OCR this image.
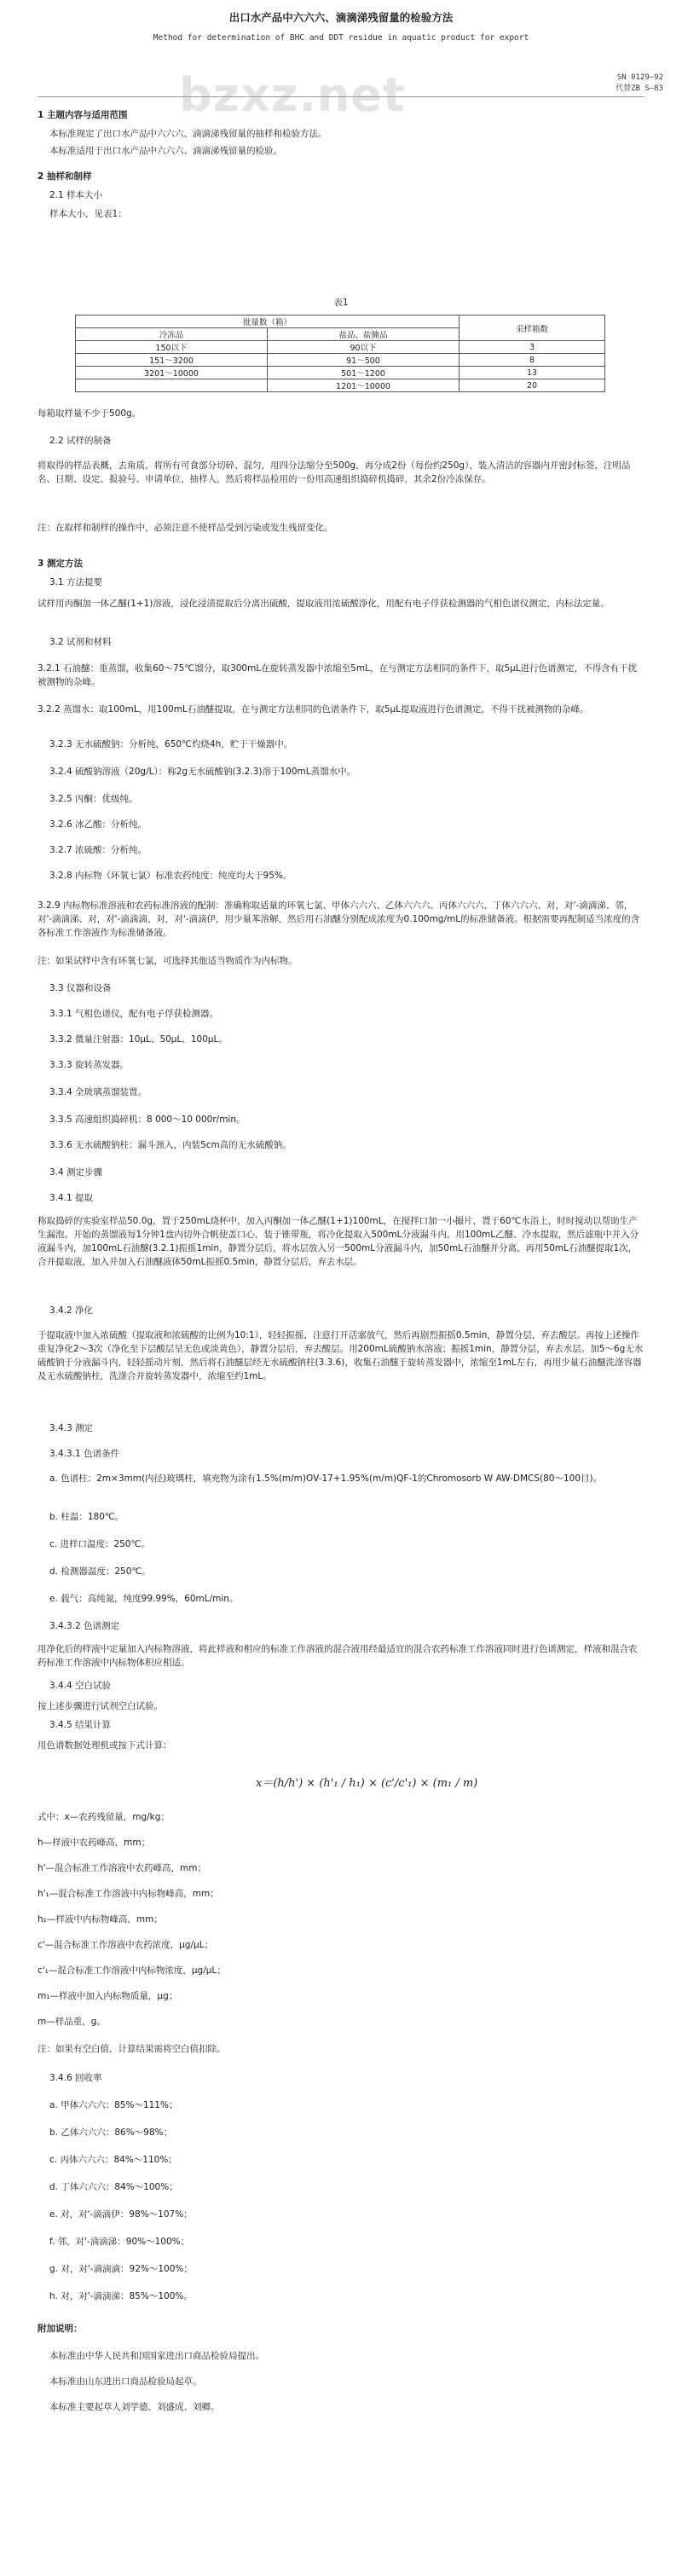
bzxz.net
出口水产品中六六六、滴滴涕残留量的检验方法
Method for determination of BHC and DDT residue in aquatic product for export
SN 0129—92
代替ZB S—83
1 主题内容与适用范围
本标准规定了出口水产品中六六六、滴滴涕残留量的抽样和检验方法。
本标准适用于出口水产品中六六六、滴滴涕残留量的检验。
2 抽样和制样
2.1 样本大小
样本大小，见表1：
表1
批量数（箱）		采样箱数
冷冻品	盐品、盐腌品	
150以下	90以下	3
151～3200	91～500	8
3201～10000	501～1200	13
	1201～10000	20
每箱取样量不少于500g。
2.2 试样的制备
将取得的样品表概，去角质，将所有可食部分切碎、混匀，用四分法缩分至500g，再分成2份（每份约250g），装入清洁的容器内并密封标签，注明品名、日期、设定、报验号、申请单位、抽样人，然后将样品检用的一份用高速组织捣碎机捣碎，其余2份冷冻保存。
注：在取样和制样的操作中，必须注意不使样品受到污染或发生残留变化。
3 测定方法
3.1 方法提要
试样用丙酮加一体乙醚(1+1)溶液，浸化浸渍提取后分离出硫酸，提取液用浓硫酸净化，用配有电子俘获检测器的气相色谱仪测定，内标法定量。
3.2 试剂和材料
3.2.1 石油醚：重蒸馏，收集60～75℃馏分，取300mL在旋转蒸发器中浓缩至5mL，在与测定方法相同的条件下，取5μL进行色谱测定，不得含有干扰被测物的杂峰。
3.2.2 蒸馏水：取100mL，用100mL石油醚提取，在与测定方法相同的色谱条件下，取5μL提取液进行色谱测定，不得干扰被测物的杂峰。
3.2.3 无水硫酸钠：分析纯，650℃灼烧4h，贮于干燥器中。
3.2.4 硫酸钠溶液（20g/L）：称2g无水硫酸钠(3.2.3)溶于100mL蒸馏水中。
3.2.5 丙酮：优级纯。
3.2.6 冰乙酸：分析纯。
3.2.7 浓硫酸：分析纯。
3.2.8 内标物（环氧七氯）标准农药纯度：纯度均大于95%。
3.2.9 内标物标准溶液和农药标准溶液的配制：准确称取适量的环氧七氯、甲体六六六、乙体六六六、丙体六六六、丁体六六六、对，对'-滴滴涕、邻，对'-滴滴涕、对，对'-滴滴滴、对，对'-滴滴伊，用少量苯溶解，然后用石油醚分别配成浓度为0.100mg/mL的标准储备液。根据需要再配制适当浓度的含各标准工作溶液作为标准储备液。
注：如果试样中含有环氧七氯，可选择其他适当物质作为内标物。
3.3 仪器和设备
3.3.1 气相色谱仪，配有电子俘获检测器。
3.3.2 微量注射器：10μL、50μL、100μL。
3.3.3 旋转蒸发器。
3.3.4 全玻璃蒸馏装置。
3.3.5 高速组织捣碎机：8 000～10 000r/min。
3.3.6 无水硫酸钠柱：漏斗颈入，内装5cm高的无水硫酸钠。
3.4 测定步骤
3.4.1 提取
称取捣碎的实验室样品50.0g，置于250mL烧杯中，加入丙酮加一体乙醚(1+1)100mL，在搅拌口加一小撮片，置于60℃水浴上，时时搅动以帮助生产生漏泡。开始的蒸馏液每1分钟1盘内切外合帆使盖口心，装于锥带瓶，将冷化提取入500mL分液漏斗内，用100mL乙醚、冷水提取，然后滤瓶中并入分液漏斗内，加100mL石油醚(3.2.1)振摇1min，静置分层后，将水层放入另一500mL分液漏斗内，加50mL石油醚并分离，再用50mL石油醚提取1次，合并提取液，加入并加入石油醚液体50mL振摇0.5min，静置分层后，弃去水层。
3.4.2 净化
于提取液中加入浓硫酸（提取液和浓硫酸的比例为10:1），轻轻振摇，注意打开活塞放气，然后再剧烈振摇0.5min，静置分层，弃去酸层。再按上述操作重复净化2～3次（净化至下层酸层呈无色或淡黄色），静置分层后，弃去酸层。用200mL硫酸钠水溶液；振摇1min，静置分层，弃去水层。加5～6g无水硫酸钠于分液漏斗内，轻轻摇动片刻，然后将石油醚层经无水硫酸钠柱(3.3.6)，收集石油醚于旋转蒸发器中，浓缩至1mL左右，再用少量石油醚洗涤容器及无水硫酸钠柱，洗涤合并旋转蒸发器中，浓缩至约1mL。
3.4.3 测定
3.4.3.1 色谱条件
a. 色谱柱：2m×3mm(内径)玻璃柱，填充物为涂有1.5%(m/m)OV-17+1.95%(m/m)QF-1的Chromosorb W AW-DMCS(80～100目)。
b. 柱温：180℃。
c. 进样口温度：250℃。
d. 检测器温度：250℃。
e. 载气：高纯氮，纯度99.99%，60mL/min。
3.4.3.2 色谱测定
用净化后的样液中定量加入内标物溶液，将此样液和相应的标准工作溶液的混合液用经最适宜的混合农药标准工作溶液同时进行色谱测定，样液和混合农药标准工作溶液中内标物体积应相适。
3.4.4 空白试验
按上述步骤进行试剂空白试验。
3.4.5 结果计算
用色谱数据处理机或按下式计算：
x＝(h/h') × (h'₁ / h₁) × (c'/c'₁) × (m₁ / m)
式中：x—农药残留量，mg/kg；
h—样液中农药峰高，mm；
h'—混合标准工作溶液中农药峰高，mm；
h'₁—混合标准工作溶液中内标物峰高，mm；
h₁—样液中内标物峰高，mm；
c'—混合标准工作溶液中农药浓度，μg/μL；
c'₁—混合标准工作溶液中内标物浓度，μg/μL；
m₁—样液中加入内标物质量，μg；
m—样品重，g。
注：如果有空白值，计算结果需将空白值扣除。
3.4.6 回收率
a. 甲体六六六：85%～111%；
b. 乙体六六六：86%～98%；
c. 丙体六六六：84%～110%；
d. 丁体六六六：84%～100%；
e. 对，对'-滴滴伊：98%～107%；
f. 邻，对'-滴滴涕：90%～100%；
g. 对，对'-滴滴滴：92%～100%；
h. 对，对'-滴滴涕：85%～100%。
附加说明：
本标准由中华人民共和国国家进出口商品检验局提出。
本标准由山东进出口商品检验局起草。
本标准主要起草人刘学德、刘盛成、刘卿。
